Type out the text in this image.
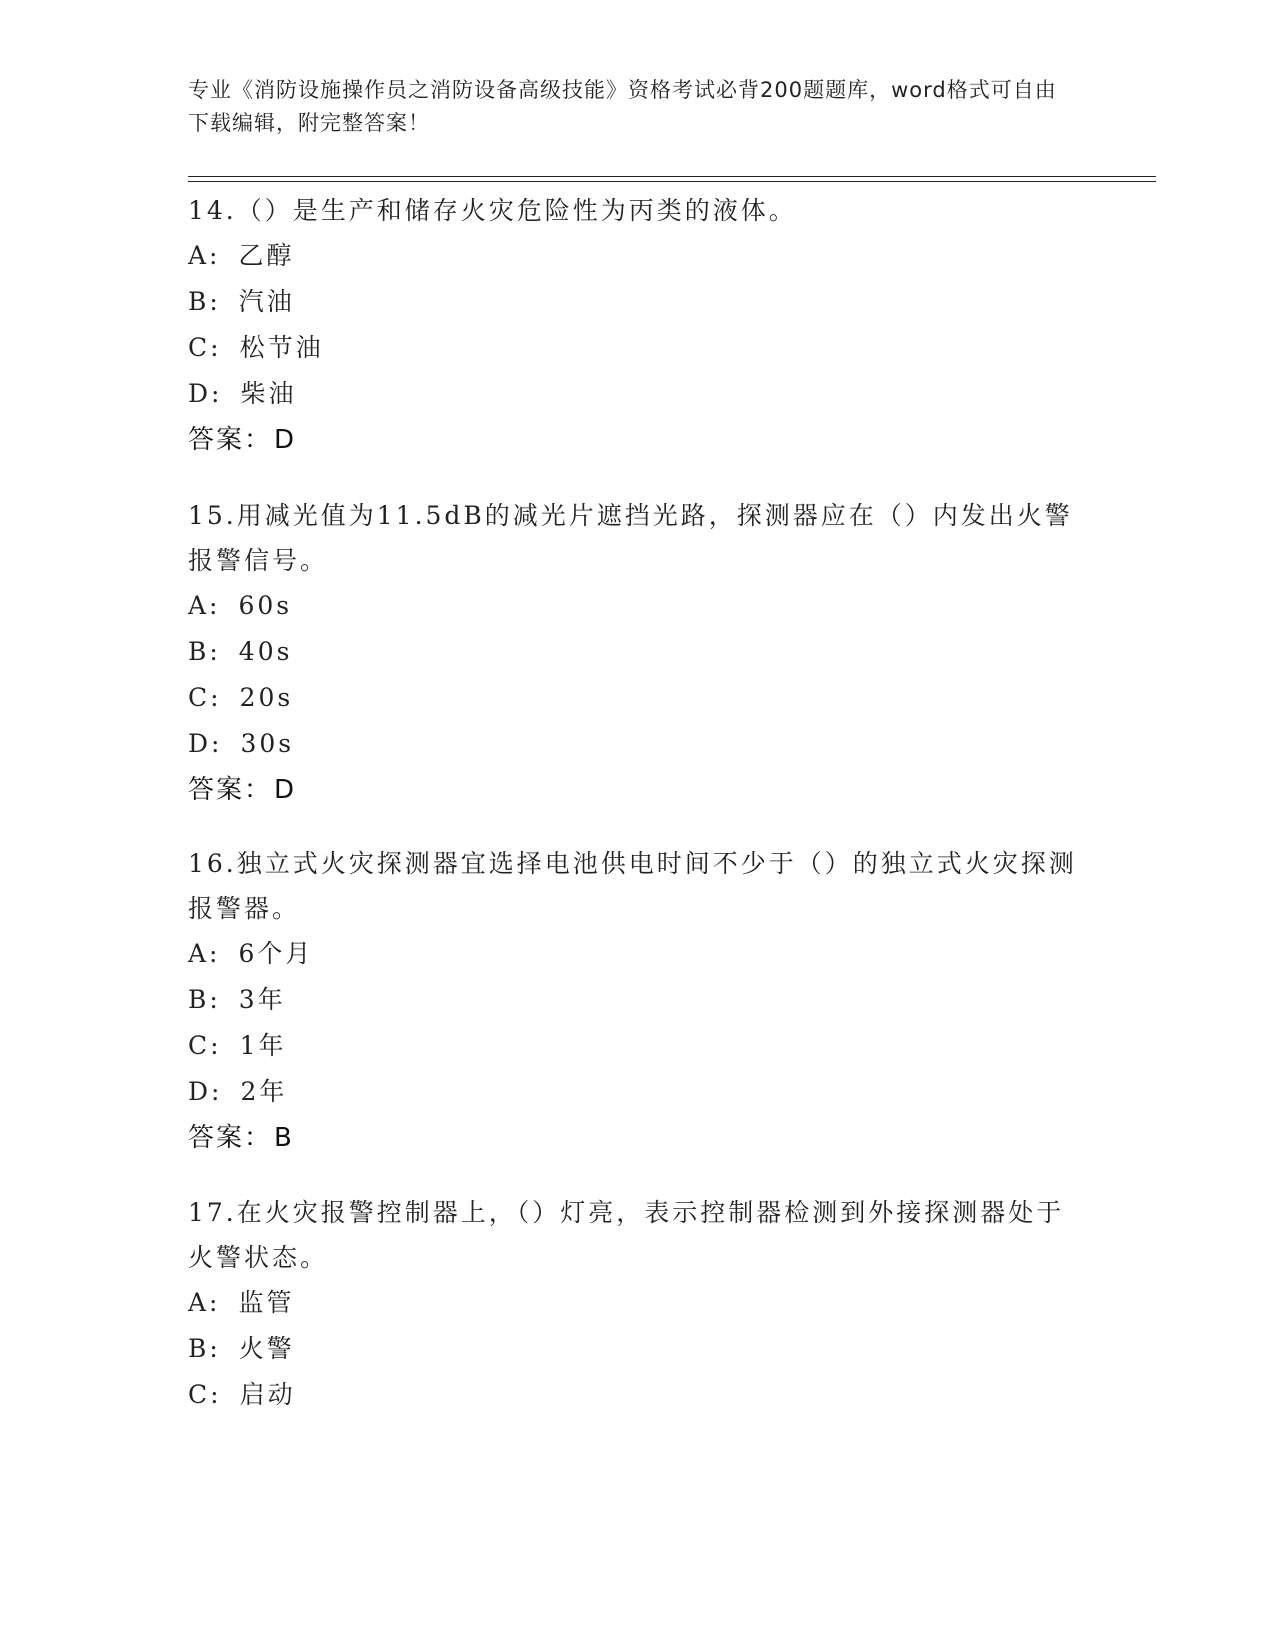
专业《消防设施操作员之消防设备高级技能》资格考试必背200题题库，word格式可自由下载编辑，附完整答案！

14.（）是生产和储存火灾危险性为丙类的液体。

A: 乙醇
B: 汽油
C: 松节油
D: 柴油
答案：D

15.用减光值为11.5dB的减光片遮挡光路，探测器应在（）内发出火警报警信号。

A: 60s
B: 40s
C: 20s
D: 30s
答案：D

16.独立式火灾探测器宜选择电池供电时间不少于（）的独立式火灾探测报警器。

A: 6个月
B: 3年
C: 1年
D: 2年
答案：B

17.在火灾报警控制器上，（）灯亮，表示控制器检测到外接探测器处于火警状态。

A: 监管
B: 火警
C: 启动
